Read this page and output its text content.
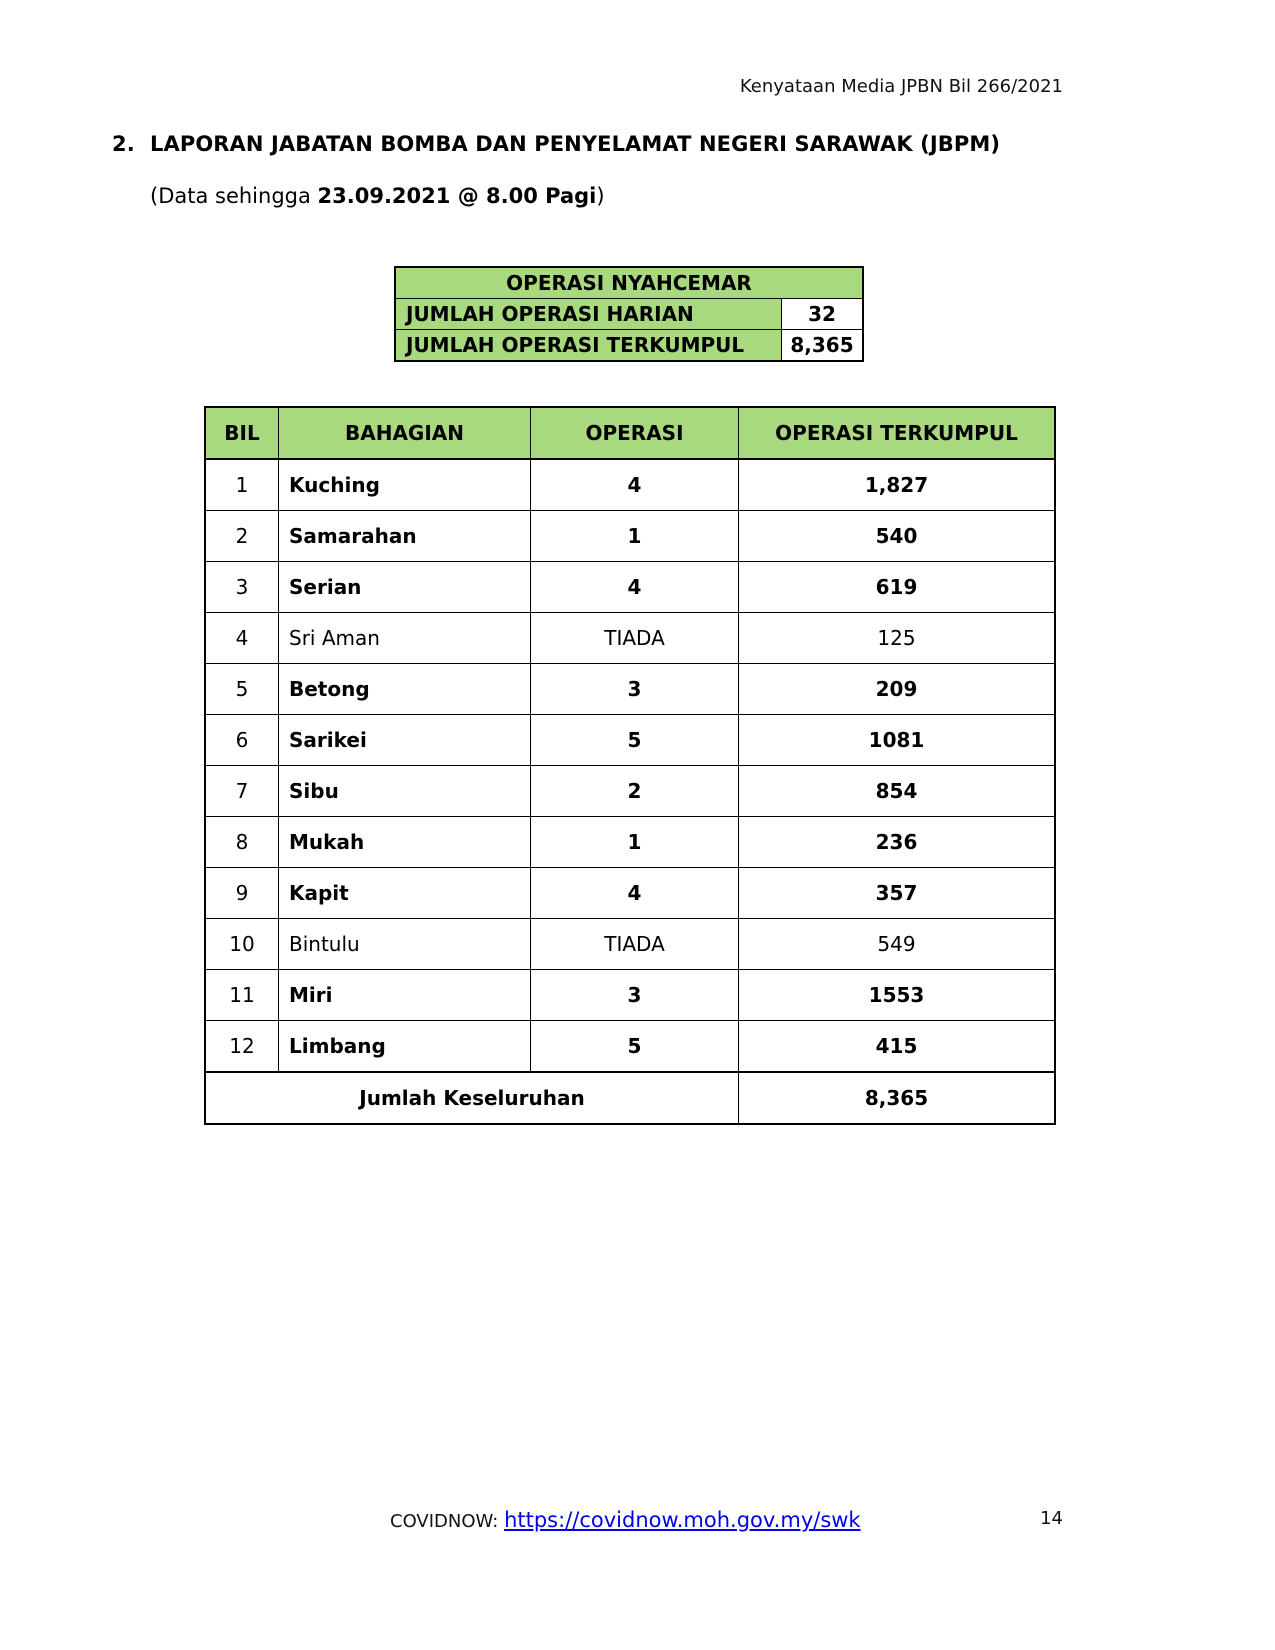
Kenyataan Media JPBN Bil 266/2021
2. LAPORAN JABATAN BOMBA DAN PENYELAMAT NEGERI SARAWAK (JBPM)
(Data sehingga 23.09.2021 @ 8.00 Pagi)
OPERASI NYAHCEMAR	
JUMLAH OPERASI HARIAN	32
JUMLAH OPERASI TERKUMPUL	8,365
BIL	BAHAGIAN	OPERASI	OPERASI TERKUMPUL
1	Kuching	4	1,827
2	Samarahan	1	540
3	Serian	4	619
4	Sri Aman	TIADA	125
5	Betong	3	209
6	Sarikei	5	1081
7	Sibu	2	854
8	Mukah	1	236
9	Kapit	4	357
10	Bintulu	TIADA	549
11	Miri	3	1553
12	Limbang	5	415
Jumlah Keseluruhan			8,365
COVIDNOW: https://covidnow.moh.gov.my/swk	14
